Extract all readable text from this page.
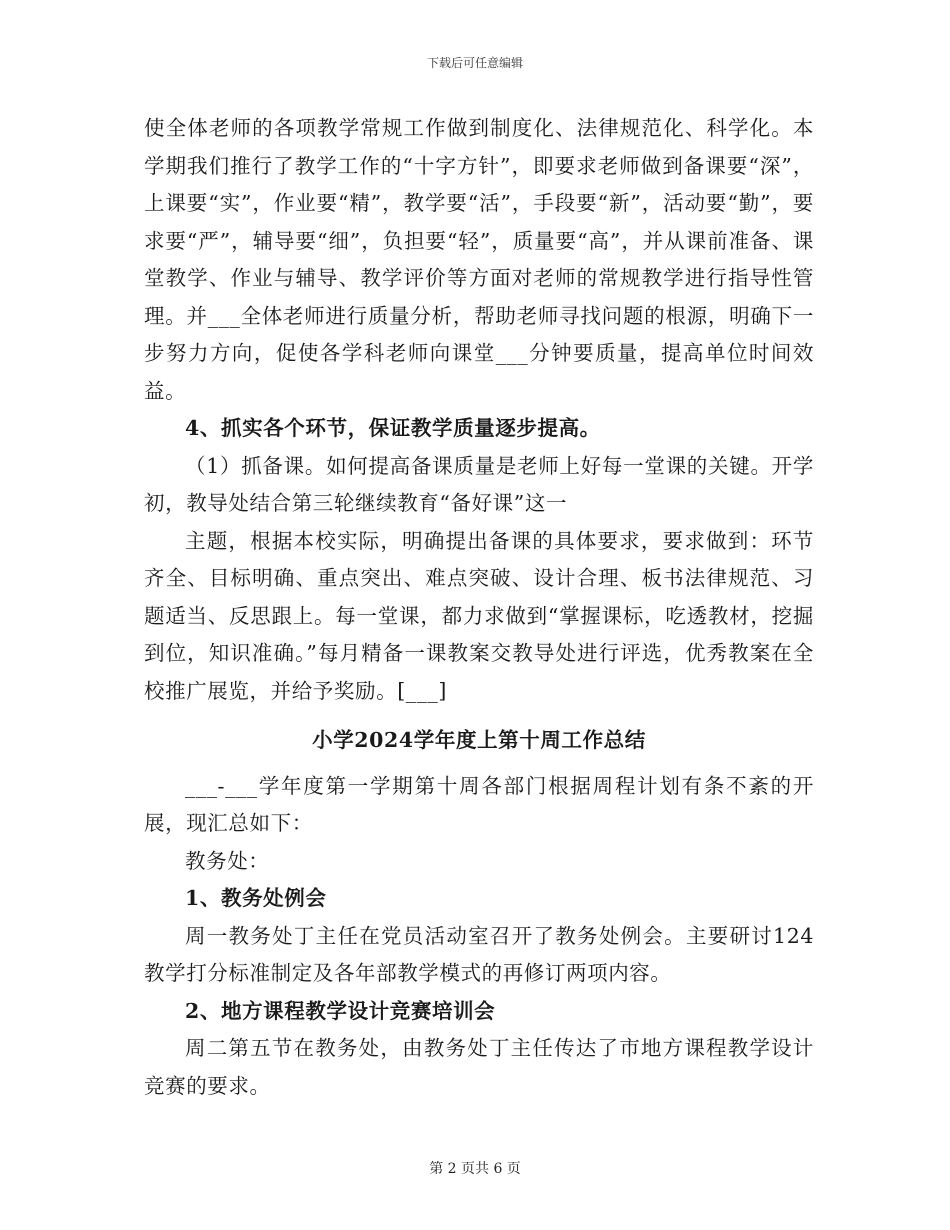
下载后可任意编辑

使全体老师的各项教学常规工作做到制度化、法律规范化、科学化。本学期我们推行了教学工作的“十字方针”，即要求老师做到备课要“深”，上课要“实”，作业要“精”，教学要“活”，手段要“新”，活动要“勤”，要求要“严”，辅导要“细”，负担要“轻”，质量要“高”，并从课前准备、课堂教学、作业与辅导、教学评价等方面对老师的常规教学进行指导性管理。并___全体老师进行质量分析，帮助老师寻找问题的根源，明确下一步努力方向，促使各学科老师向课堂___分钟要质量，提高单位时间效益。

4、抓实各个环节，保证教学质量逐步提高。

（1）抓备课。如何提高备课质量是老师上好每一堂课的关键。开学初，教导处结合第三轮继续教育“备好课”这一

主题，根据本校实际，明确提出备课的具体要求，要求做到：环节齐全、目标明确、重点突出、难点突破、设计合理、板书法律规范、习题适当、反思跟上。每一堂课，都力求做到“掌握课标，吃透教材，挖掘到位，知识准确。”每月精备一课教案交教导处进行评选，优秀教案在全校推广展览，并给予奖励。[___]

小学2024学年度上第十周工作总结

___-___学年度第一学期第十周各部门根据周程计划有条不紊的开展，现汇总如下：

教务处：

1、教务处例会

周一教务处丁主任在党员活动室召开了教务处例会。主要研讨124教学打分标准制定及各年部教学模式的再修订两项内容。

2、地方课程教学设计竞赛培训会

周二第五节在教务处，由教务处丁主任传达了市地方课程教学设计竞赛的要求。

第 2 页共 6 页
